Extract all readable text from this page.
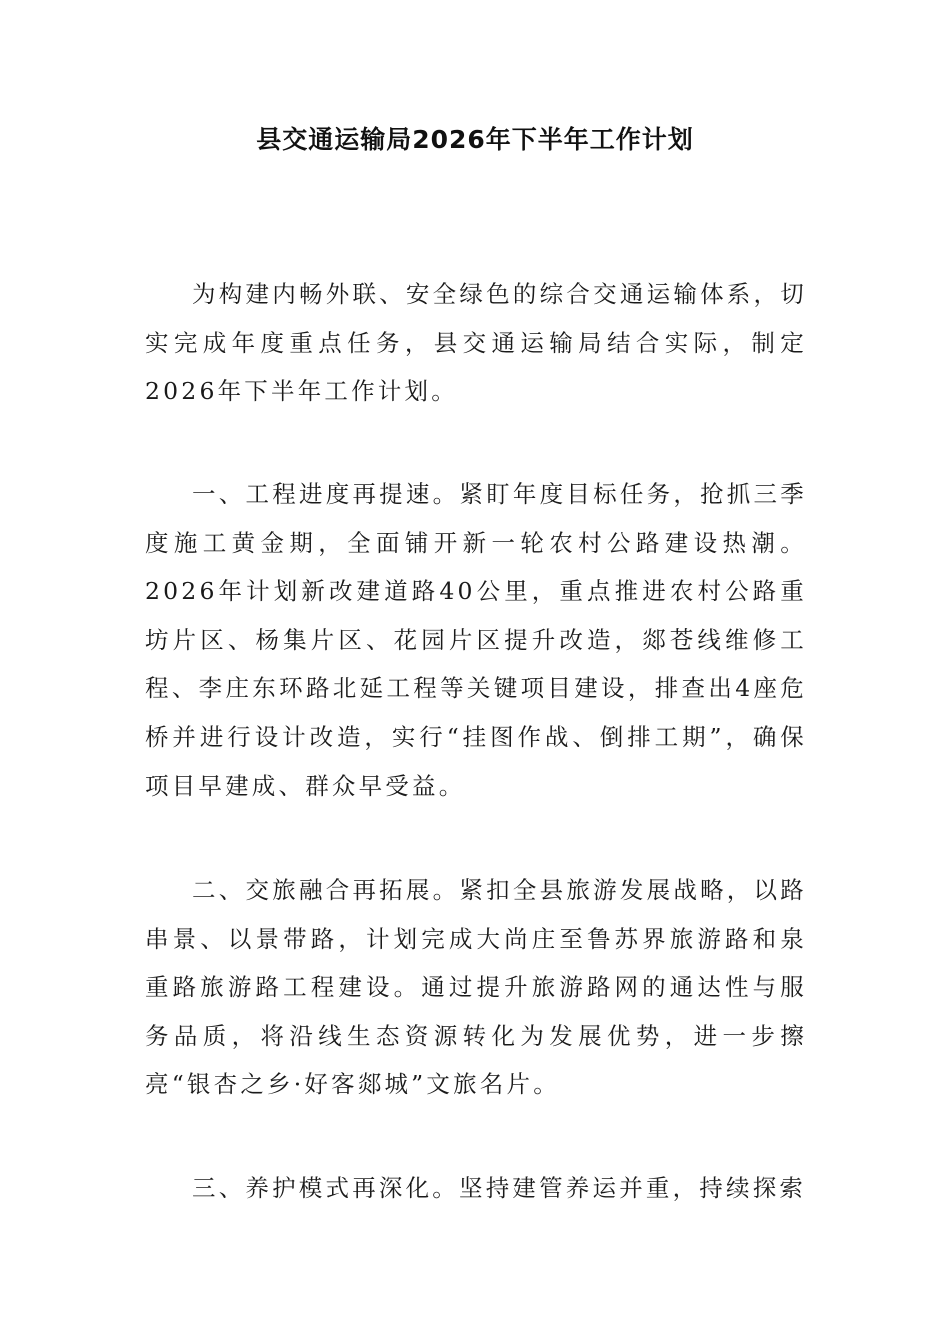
县交通运输局2026年下半年工作计划

为构建内畅外联、安全绿色的综合交通运输体系，切实完成年度重点任务，县交通运输局结合实际，制定2026年下半年工作计划。

一、工程进度再提速。紧盯年度目标任务，抢抓三季度施工黄金期，全面铺开新一轮农村公路建设热潮。2026年计划新改建道路40公里，重点推进农村公路重坊片区、杨集片区、花园片区提升改造，郯苍线维修工程、李庄东环路北延工程等关键项目建设，排查出4座危桥并进行设计改造，实行“挂图作战、倒排工期”，确保项目早建成、群众早受益。

二、交旅融合再拓展。紧扣全县旅游发展战略，以路串景、以景带路，计划完成大尚庄至鲁苏界旅游路和泉重路旅游路工程建设。通过提升旅游路网的通达性与服务品质，将沿线生态资源转化为发展优势，进一步擦亮“银杏之乡·好客郯城”文旅名片。

三、养护模式再深化。坚持建管养运并重，持续探索
